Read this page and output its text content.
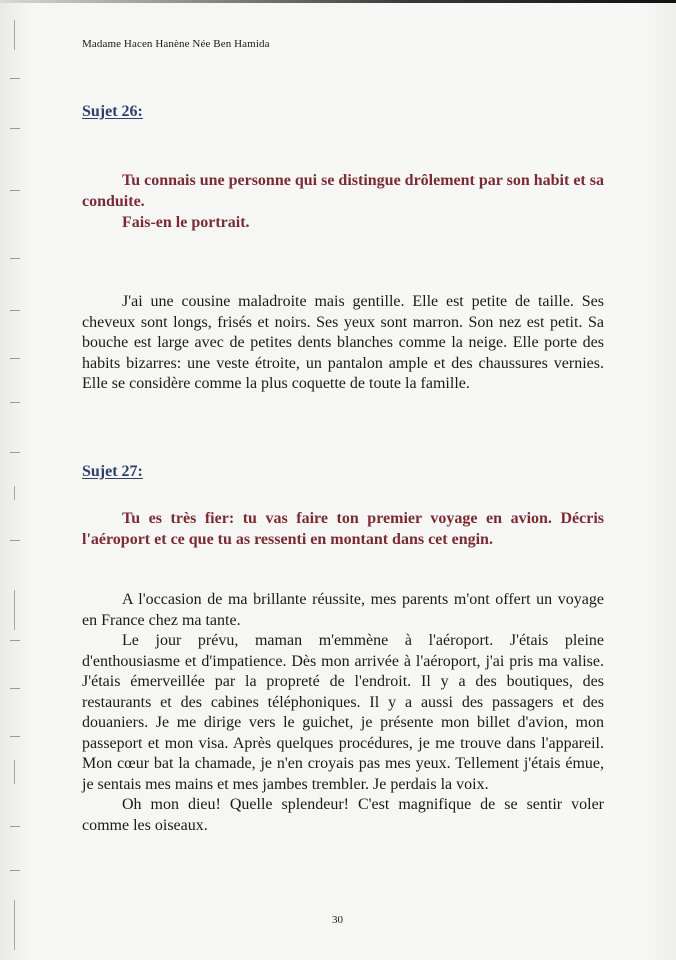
Madame Hacen Hanène Née Ben Hamida
Sujet 26:

Tu connais une personne qui se distingue drôlement par son habit et sa conduite.

Fais-en le portrait.

J'ai une cousine maladroite mais gentille. Elle est petite de taille. Ses cheveux sont longs, frisés et noirs. Ses yeux sont marron. Son nez est petit. Sa bouche est large avec de petites dents blanches comme la neige. Elle porte des habits bizarres: une veste étroite, un pantalon ample et des chaussures vernies. Elle se considère comme la plus coquette de toute la famille.

Sujet 27:

Tu es très fier: tu vas faire ton premier voyage en avion. Décris l'aéroport et ce que tu as ressenti en montant dans cet engin.

A l'occasion de ma brillante réussite, mes parents m'ont offert un voyage en France chez ma tante.

Le jour prévu, maman m'emmène à l'aéroport. J'étais pleine d'enthousiasme et d'impatience. Dès mon arrivée à l'aéroport, j'ai pris ma valise. J'étais émerveillée par la propreté de l'endroit. Il y a des boutiques, des restaurants et des cabines téléphoniques. Il y a aussi des passagers et des douaniers. Je me dirige vers le guichet, je présente mon billet d'avion, mon passeport et mon visa. Après quelques procédures, je me trouve dans l'appareil. Mon cœur bat la chamade, je n'en croyais pas mes yeux. Tellement j'étais émue, je sentais mes mains et mes jambes trembler. Je perdais la voix.

Oh mon dieu! Quelle splendeur! C'est magnifique de se sentir voler comme les oiseaux.

30
